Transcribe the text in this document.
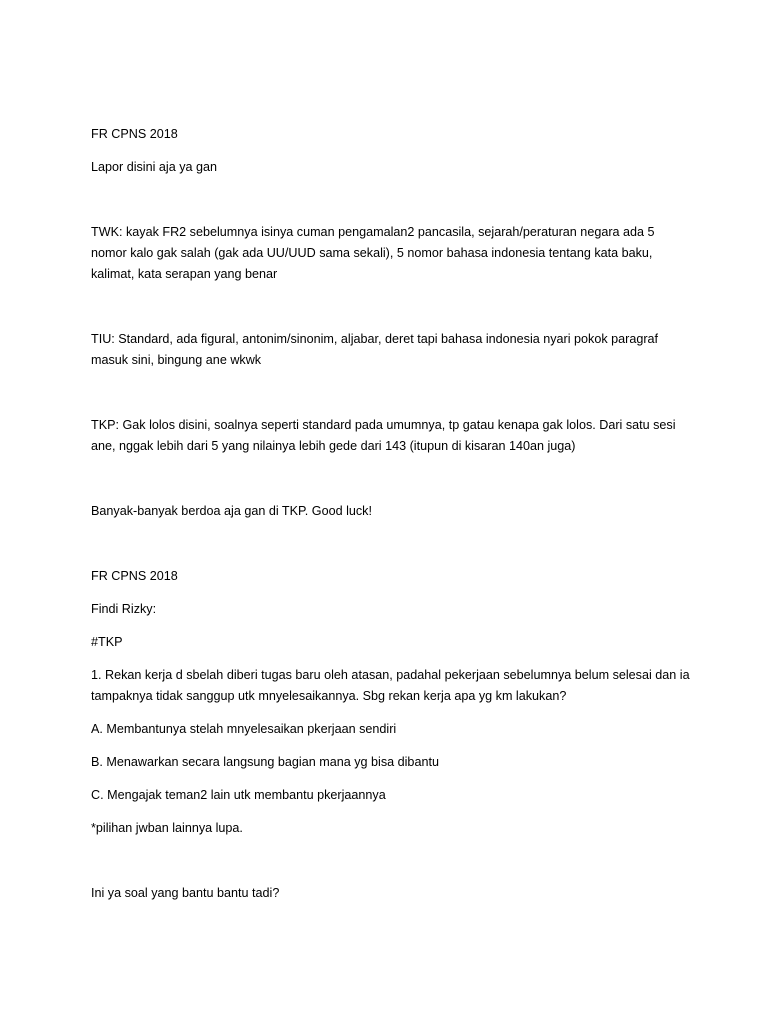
FR CPNS 2018

Lapor disini aja ya gan

TWK: kayak FR2 sebelumnya isinya cuman pengamalan2 pancasila, sejarah/peraturan negara ada 5 nomor kalo gak salah (gak ada UU/UUD sama sekali), 5 nomor bahasa indonesia tentang kata baku, kalimat, kata serapan yang benar

TIU: Standard, ada figural, antonim/sinonim, aljabar, deret tapi bahasa indonesia nyari pokok paragraf masuk sini, bingung ane wkwk

TKP: Gak lolos disini, soalnya seperti standard pada umumnya, tp gatau kenapa gak lolos. Dari satu sesi ane, nggak lebih dari 5 yang nilainya lebih gede dari 143 (itupun di kisaran 140an juga)

Banyak-banyak berdoa aja gan di TKP. Good luck!

FR CPNS 2018

Findi Rizky:

#TKP

1. Rekan kerja d sbelah diberi tugas baru oleh atasan, padahal pekerjaan sebelumnya belum selesai dan ia tampaknya tidak sanggup utk mnyelesaikannya. Sbg rekan kerja apa yg km lakukan?

A. Membantunya stelah mnyelesaikan pkerjaan sendiri

B. Menawarkan secara langsung bagian mana yg bisa dibantu

C. Mengajak teman2 lain utk membantu pkerjaannya

*pilihan jwban lainnya lupa.

Ini ya soal yang bantu bantu tadi?
